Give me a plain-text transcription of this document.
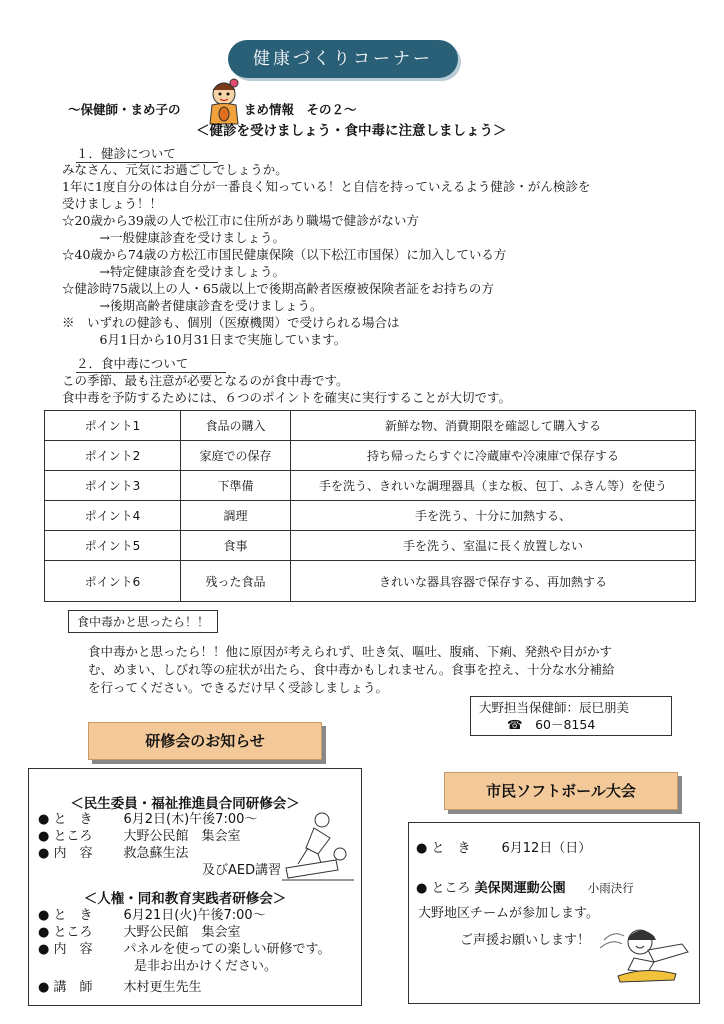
健康づくりコーナー
～保健師・まめ子の	まめ情報　その２～
＜健診を受けましょう・食中毒に注意しましょう＞
１．健診について
みなさん、元気にお過ごしでしょうか。
1年に1度自分の体は自分が一番良く知っている！と自信を持っていえるよう健診・がん検診を
受けましょう！！
☆20歳から39歳の人で松江市に住所があり職場で健診がない方
　　　→一般健康診査を受けましょう。
☆40歳から74歳の方松江市国民健康保険（以下松江市国保）に加入している方
　　　→特定健康診査を受けましょう。
☆健診時75歳以上の人・65歳以上で後期高齢者医療被保険者証をお持ちの方
　　　→後期高齢者健康診査を受けましょう。
※　いずれの健診も、個別（医療機関）で受けられる場合は
　　　6月1日から10月31日まで実施しています。
２．食中毒について
この季節、最も注意が必要となるのが食中毒です。
食中毒を予防するためには、６つのポイントを確実に実行することが大切です。
ポイント1	食品の購入	新鮮な物、消費期限を確認して購入する
ポイント2	家庭での保存	持ち帰ったらすぐに冷蔵庫や冷凍庫で保存する
ポイント3	下準備	手を洗う、きれいな調理器具（まな板、包丁、ふきん等）を使う
ポイント4	調理	手を洗う、十分に加熱する、
ポイント5	食事	手を洗う、室温に長く放置しない
ポイント6	残った食品	きれいな器具容器で保存する、再加熱する
食中毒かと思ったら！！
食中毒かと思ったら！！他に原因が考えられず、吐き気、嘔吐、腹痛、下痢、発熱や目がかす
む、めまい、しびれ等の症状が出たら、食中毒かもしれません。食事を控え、十分な水分補給
を行ってください。できるだけ早く受診しましょう。
大野担当保健師：辰巳朋美
☎　60－8154
研修会のお知らせ
＜民生委員・福祉推進員合同研修会＞
● と　き 6月2日(木)午後7:00～
● ところ 大野公民館　集会室
● 内　容 救急蘇生法
及びAED講習
＜人権・同和教育実践者研修会＞
● と　き 6月21日(火)午後7:00～
● ところ 大野公民館　集会室
● 内　容 パネルを使っての楽しい研修です。
是非お出かけください。
● 講　師 木村更生先生
市民ソフトボール大会
● と　き 6月12日（日）
● ところ 美保関運動公園 小雨決行
大野地区チームが参加します。
ご声援お願いします！
